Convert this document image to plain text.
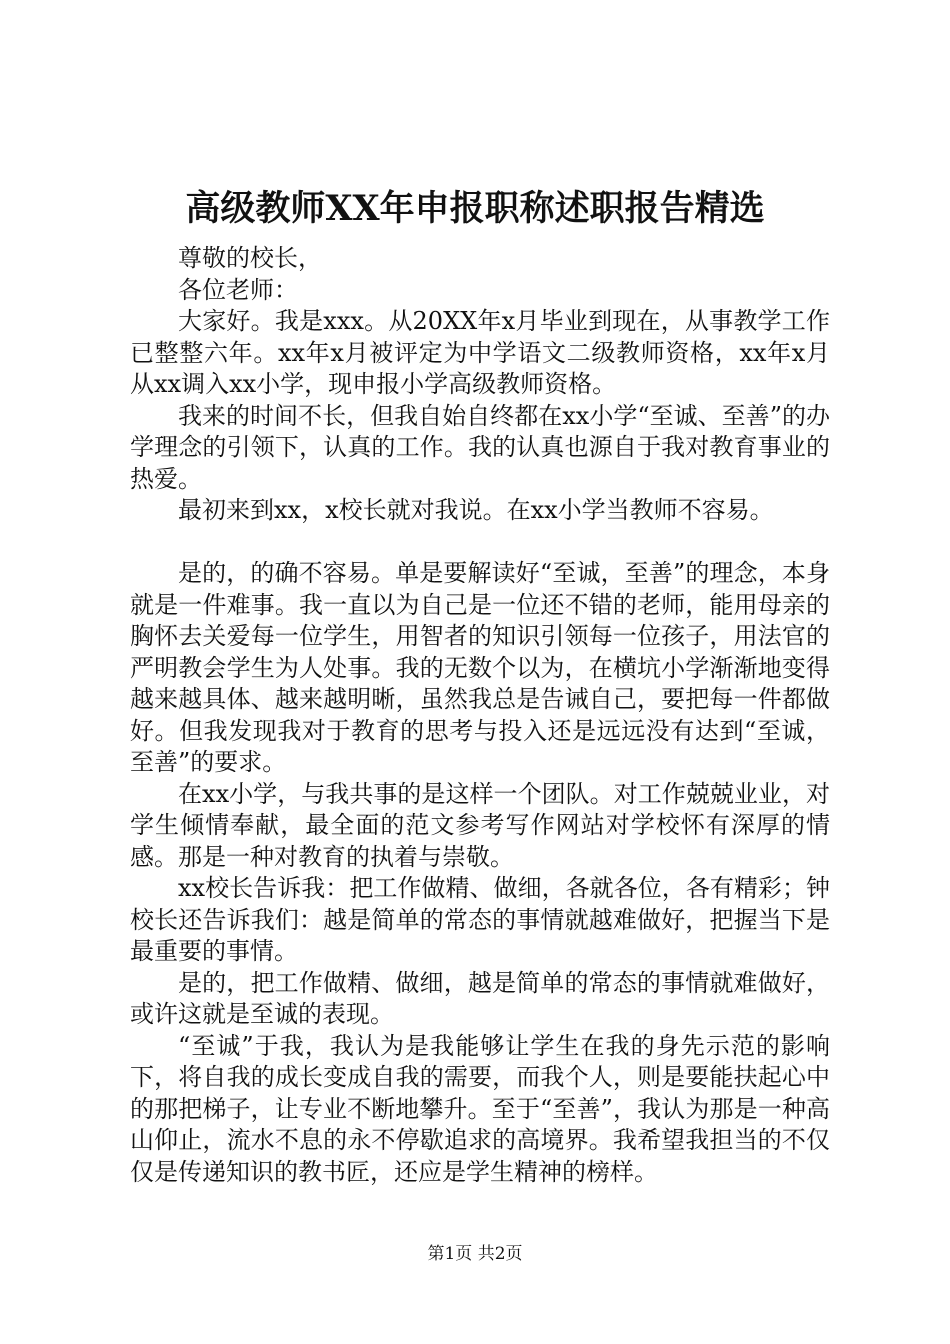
高级教师XX年申报职称述职报告精选

尊敬的校长，

各位老师：

大家好。我是xxx。从20XX年x月毕业到现在，从事教学工作已整整六年。xx年x月被评定为中学语文二级教师资格，xx年x月从xx调入xx小学，现申报小学高级教师资格。

我来的时间不长，但我自始自终都在xx小学“至诚、至善”的办学理念的引领下，认真的工作。我的认真也源自于我对教育事业的热爱。

最初来到xx，x校长就对我说。在xx小学当教师不容易。

是的，的确不容易。单是要解读好“至诚，至善”的理念，本身就是一件难事。我一直以为自己是一位还不错的老师，能用母亲的胸怀去关爱每一位学生，用智者的知识引领每一位孩子，用法官的严明教会学生为人处事。我的无数个以为，在横坑小学渐渐地变得越来越具体、越来越明晰，虽然我总是告诫自己，要把每一件都做好。但我发现我对于教育的思考与投入还是远远没有达到“至诚，至善”的要求。

在xx小学，与我共事的是这样一个团队。对工作兢兢业业，对学生倾情奉献，最全面的范文参考写作网站对学校怀有深厚的情感。那是一种对教育的执着与崇敬。

xx校长告诉我：把工作做精、做细，各就各位，各有精彩；钟校长还告诉我们：越是简单的常态的事情就越难做好，把握当下是最重要的事情。

是的，把工作做精、做细，越是简单的常态的事情就难做好，或许这就是至诚的表现。

“至诚”于我，我认为是我能够让学生在我的身先示范的影响下，将自我的成长变成自我的需要，而我个人，则是要能扶起心中的那把梯子，让专业不断地攀升。至于“至善”，我认为那是一种高山仰止，流水不息的永不停歇追求的高境界。我希望我担当的不仅仅是传递知识的教书匠，还应是学生精神的榜样。

第1页 共2页
